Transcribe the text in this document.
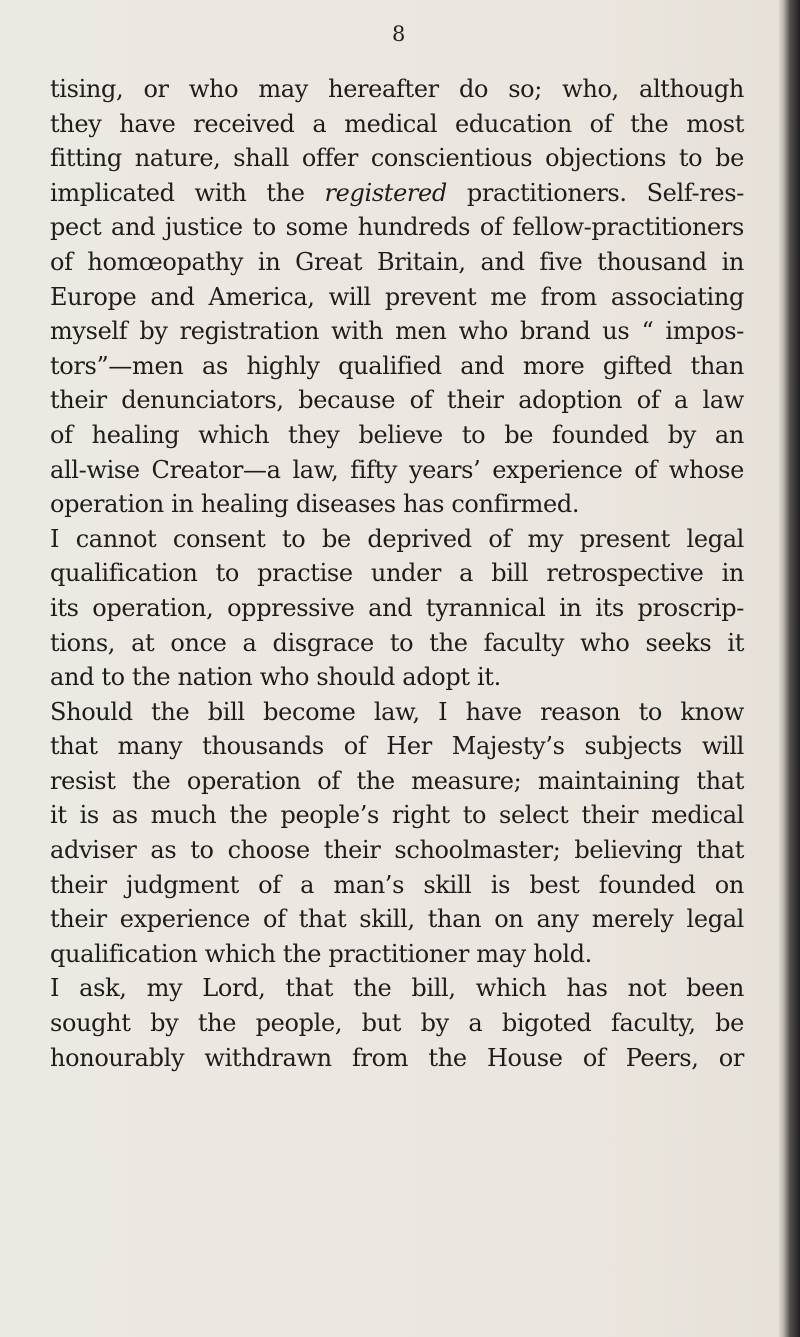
8
tising, or who may hereafter do so; who, although
they have received a medical education of the most
fitting nature, shall offer conscientious objections to be
implicated with the registered practitioners. Self-res-
pect and justice to some hundreds of fellow-practitioners
of homœopathy in Great Britain, and five thousand in
Europe and America, will prevent me from associating
myself by registration with men who brand us “ impos-
tors”—men as highly qualified and more gifted than
their denunciators, because of their adoption of a law
of healing which they believe to be founded by an
all-wise Creator—a law, fifty years’ experience of whose
operation in healing diseases has confirmed.
I cannot consent to be deprived of my present legal
qualification to practise under a bill retrospective in
its operation, oppressive and tyrannical in its proscrip-
tions, at once a disgrace to the faculty who seeks it
and to the nation who should adopt it.
Should the bill become law, I have reason to know
that many thousands of Her Majesty’s subjects will
resist the operation of the measure; maintaining that
it is as much the people’s right to select their medical
adviser as to choose their schoolmaster; believing that
their judgment of a man’s skill is best founded on
their experience of that skill, than on any merely legal
qualification which the practitioner may hold.
I ask, my Lord, that the bill, which has not been
sought by the people, but by a bigoted faculty, be
honourably withdrawn from the House of Peers, or
